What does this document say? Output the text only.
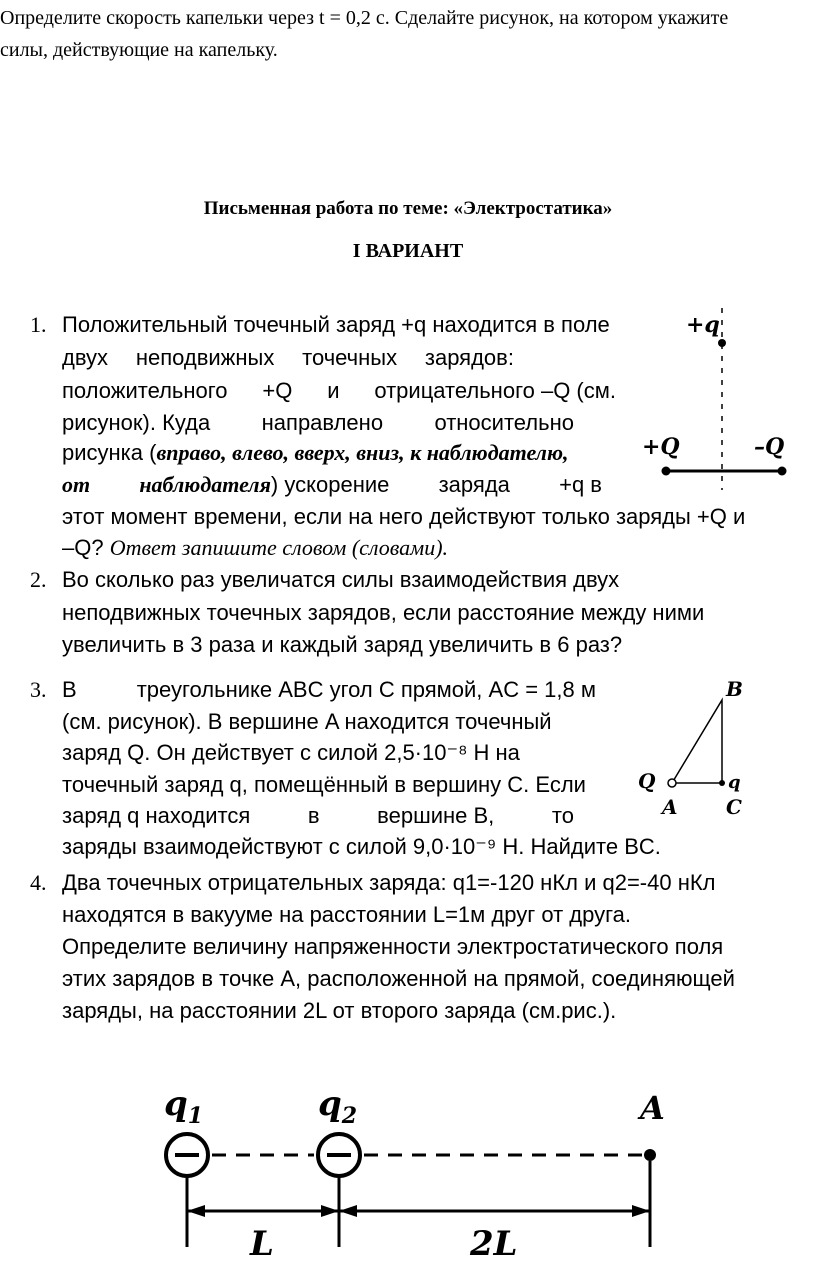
Определите скорость капельки через t = 0,2 с. Сделайте рисунок, на котором укажите
силы, действующие на капельку.
Письменная работа по теме: «Электростатика»
I ВАРИАНТ
1. Положительный точечный заряд +q находится в поле
двух неподвижных точечных зарядов:
положительного +Q и отрицательного –Q (см.
рисунок). Куда направлено относительно
рисунка (вправо, влево, вверх, вниз, к наблюдателю,
от наблюдателя) ускорение заряда +q в
этот момент времени, если на него действуют только заряды +Q и
–Q? Ответ запишите словом (словами).
+q
+Q	–Q
2. Во сколько раз увеличатся силы взаимодействия двух
неподвижных точечных зарядов, если расстояние между ними
увеличить в 3 раза и каждый заряд увеличить в 6 раз?
3. В	треугольнике ABC угол C прямой, AC = 1,8 м
(см. рисунок). В вершине A находится точечный
заряд Q. Он действует с силой 2,5·10⁻⁸ Н на
точечный заряд q, помещённый в вершину C. Если
заряд q находится	в	вершине B,	то
заряды взаимодействуют с силой 9,0·10⁻⁹ Н. Найдите BC.
B
Q	q
A C
4. Два точечных отрицательных заряда: q1=-120 нКл и q2=-40 нКл
находятся в вакууме на расстоянии L=1м друг от друга.
Определите величину напряженности электростатического поля
этих зарядов в точке А, расположенной на прямой, соединяющей
заряды, на расстоянии 2L от второго заряда (см.рис.).
$q_1$	$q_2$	A
L	2L
